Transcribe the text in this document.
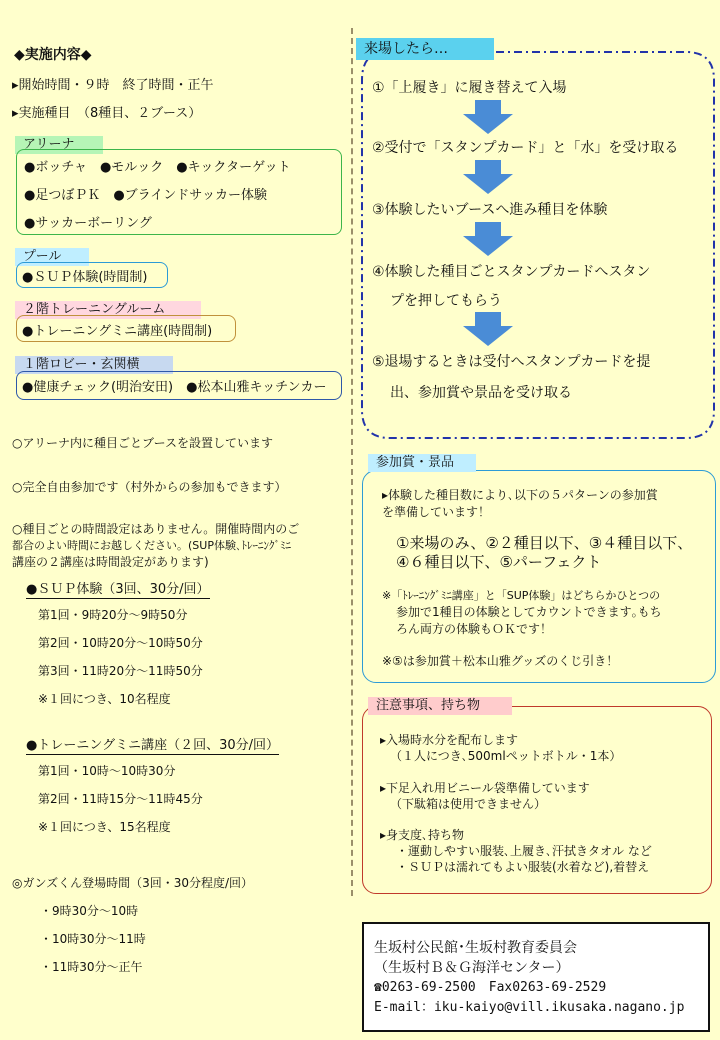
◆実施内容◆
▸開始時間・９時　終了時間・正午
▸実施種目　（8種目、２ブース）
アリーナ
●ボッチャ　●モルック　●キックターゲット
●足つぼＰＫ　●ブラインドサッカー体験
●サッカーボーリング
プール
●ＳＵＰ体験(時間制)
２階トレーニングルーム
●トレーニングミニ講座(時間制)
１階ロビー・玄関横
●健康チェック(明治安田)　●松本山雅キッチンカー
○アリーナ内に種目ごとブースを設置しています
○完全自由参加です（村外からの参加もできます）
○種目ごとの時間設定はありません。開催時間内のご
都合のよい時間にお越しください。(SUP体験､ﾄﾚｰﾆﾝｸﾞﾐﾆ
講座の２講座は時間設定があります)
●ＳＵＰ体験（3回、30分/回）
第1回・9時20分～9時50分
第2回・10時20分～10時50分
第3回・11時20分～11時50分
※１回につき、10名程度
●トレーニングミニ講座（２回、30分/回）
第1回・10時～10時30分
第2回・11時15分～11時45分
※１回につき、15名程度
◎ガンズくん登場時間（3回・30分程度/回）
・9時30分～10時
・10時30分～11時
・11時30分～正午
来場したら…
①「上履き」に履き替えて入場
②受付で「スタンプカード」と「水」を受け取る
③体験したいブースへ進み種目を体験
④体験した種目ごとスタンプカードへスタン
プを押してもらう
⑤退場するときは受付へスタンプカードを提
出、参加賞や景品を受け取る
参加賞・景品
▸体験した種目数により､以下の５パターンの参加賞
を準備しています！
①来場のみ、②２種目以下、③４種目以下、
④６種目以下、⑤パーフェクト
※「ﾄﾚｰﾆﾝｸﾞﾐﾆ講座」と「SUP体験」はどちらかひとつの
参加で1種目の体験としてカウントできます｡もち
ろん両方の体験もＯＫです！
※⑤は参加賞＋松本山雅グッズのくじ引き！
注意事項、持ち物
▸入場時水分を配布します
（１人につき､500mlペットボトル・1本）
▸下足入れ用ビニール袋準備しています
（下駄箱は使用できません）
▸身支度､持ち物
・運動しやすい服装､上履き､汗拭きタオル など
・ＳＵＰは濡れてもよい服装(水着など),着替え
生坂村公民館･生坂村教育委員会
（生坂村Ｂ＆Ｇ海洋センター）
☎0263-69-2500　Fax0263-69-2529
E-mail：iku-kaiyo@vill.ikusaka.nagano.jp
